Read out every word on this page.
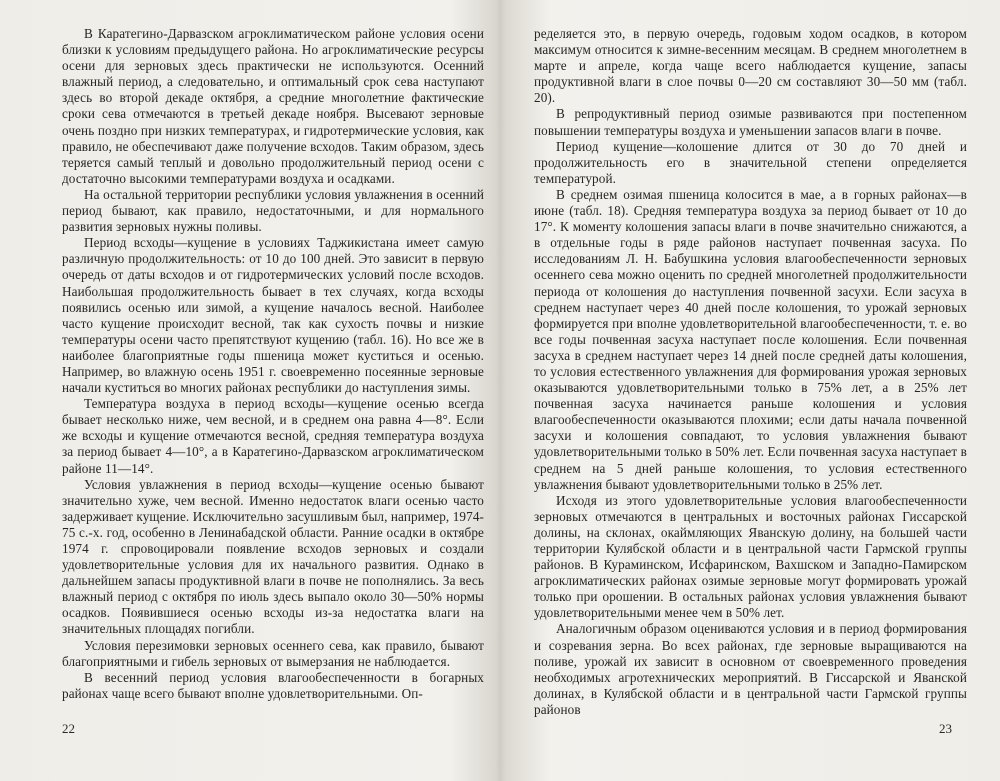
В Каратегино-Дарвазском агроклиматическом районе условия осени близки к условиям предыдущего района. Но агроклиматические ресурсы осени для зерновых здесь практически не используются. Осенний влажный период, а следовательно, и оптимальный срок сева наступают здесь во второй декаде октября, а средние многолетние фактические сроки сева отмечаются в третьей декаде ноября. Высевают зерновые очень поздно при низких температурах, и гидротермические условия, как правило, не обеспечивают даже получение всходов. Таким образом, здесь теряется самый теплый и довольно продолжительный период осени с достаточно высокими температурами воздуха и осадками.

На остальной территории республики условия увлажнения в осенний период бывают, как правило, недостаточными, и для нормального развития зерновых нужны поливы.

Период всходы—кущение в условиях Таджикистана имеет самую различную продолжительность: от 10 до 100 дней. Это зависит в первую очередь от даты всходов и от гидротермических условий после всходов. Наибольшая продолжительность бывает в тех случаях, когда всходы появились осенью или зимой, а кущение началось весной. Наиболее часто кущение происходит весной, так как сухость почвы и низкие температуры осени часто препятствуют кущению (табл. 16). Но все же в наиболее благоприятные годы пшеница может куститься и осенью. Например, во влажную осень 1951 г. своевременно посеянные зерновые начали куститься во многих районах республики до наступления зимы.

Температура воздуха в период всходы—кущение осенью всегда бывает несколько ниже, чем весной, и в среднем она равна 4—8°. Если же всходы и кущение отмечаются весной, средняя температура воздуха за период бывает 4—10°, а в Каратегино-Дарвазском агроклиматическом районе 11—14°.

Условия увлажнения в период всходы—кущение осенью бывают значительно хуже, чем весной. Именно недостаток влаги осенью часто задерживает кущение. Исключительно засушливым был, например, 1974-75 с.-х. год, особенно в Ленинабадской области. Ранние осадки в октябре 1974 г. спровоцировали появление всходов зерновых и создали удовлетворительные условия для их начального развития. Однако в дальнейшем запасы продуктивной влаги в почве не пополнялись. За весь влажный период с октября по июль здесь выпало около 30—50% нормы осадков. Появившиеся осенью всходы из-за недостатка влаги на значительных площадях погибли.

Условия перезимовки зерновых осеннего сева, как правило, бывают благоприятными и гибель зерновых от вымерзания не наблюдается.

В весенний период условия влагообеспеченности в богарных районах чаще всего бывают вполне удовлетворительными. Оп-

22

ределяется это, в первую очередь, годовым ходом осадков, в котором максимум относится к зимне-весенним месяцам. В среднем многолетнем в марте и апреле, когда чаще всего наблюдается кущение, запасы продуктивной влаги в слое почвы 0—20 см составляют 30—50 мм (табл. 20).

В репродуктивный период озимые развиваются при постепенном повышении температуры воздуха и уменьшении запасов влаги в почве.

Период кущение—колошение длится от 30 до 70 дней и продолжительность его в значительной степени определяется температурой.

В среднем озимая пшеница колосится в мае, а в горных районах—в июне (табл. 18). Средняя температура воздуха за период бывает от 10 до 17°. К моменту колошения запасы влаги в почве значительно снижаются, а в отдельные годы в ряде районов наступает почвенная засуха. По исследованиям Л. Н. Бабушкина условия влагообеспеченности зерновых осеннего сева можно оценить по средней многолетней продолжительности периода от колошения до наступления почвенной засухи. Если засуха в среднем наступает через 40 дней после колошения, то урожай зерновых формируется при вполне удовлетворительной влагообеспеченности, т. е. во все годы почвенная засуха наступает после колошения. Если почвенная засуха в среднем наступает через 14 дней после средней даты колошения, то условия естественного увлажнения для формирования урожая зерновых оказываются удовлетворительными только в 75% лет, а в 25% лет почвенная засуха начинается раньше колошения и условия влагообеспеченности оказываются плохими; если даты начала почвенной засухи и колошения совпадают, то условия увлажнения бывают удовлетворительными только в 50% лет. Если почвенная засуха наступает в среднем на 5 дней раньше колошения, то условия естественного увлажнения бывают удовлетворительными только в 25% лет.

Исходя из этого удовлетворительные условия влагообеспеченности зерновых отмечаются в центральных и восточных районах Гиссарской долины, на склонах, окаймляющих Яванскую долину, на большей части территории Кулябской области и в центральной части Гармской группы районов. В Кураминском, Исфаринском, Вахшском и Западно-Памирском агроклиматических районах озимые зерновые могут формировать урожай только при орошении. В остальных районах условия увлажнения бывают удовлетворительными менее чем в 50% лет.

Аналогичным образом оцениваются условия и в период формирования и созревания зерна. Во всех районах, где зерновые выращиваются на поливе, урожай их зависит в основном от своевременного проведения необходимых агротехнических мероприятий. В Гиссарской и Яванской долинах, в Кулябской области и в центральной части Гармской группы районов

23
